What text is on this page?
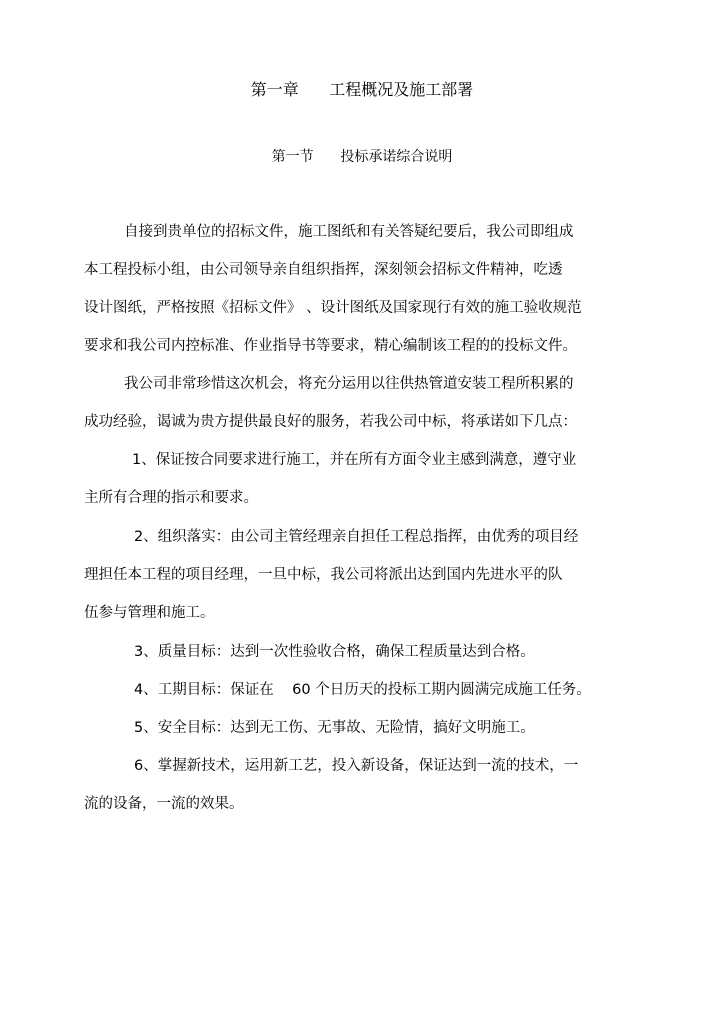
第一章      工程概况及施工部署
第一节      投标承诺综合说明
自接到贵单位的招标文件，施工图纸和有关答疑纪要后，我公司即组成
本工程投标小组，由公司领导亲自组织指挥，深刻领会招标文件精神，吃透
设计图纸，严格按照《招标文件》 、设计图纸及国家现行有效的施工验收规范
要求和我公司内控标准、作业指导书等要求，精心编制该工程的的投标文件。
我公司非常珍惜这次机会，将充分运用以往供热管道安装工程所积累的
成功经验，谒诚为贵方提供最良好的服务，若我公司中标，将承诺如下几点：
1、保证按合同要求进行施工，并在所有方面令业主感到满意，遵守业
主所有合理的指示和要求。
2、组织落实：由公司主管经理亲自担任工程总指挥，由优秀的项目经
理担任本工程的项目经理，一旦中标，我公司将派出达到国内先进水平的队
伍参与管理和施工。
3、质量目标：达到一次性验收合格，确保工程质量达到合格。
4、工期目标：保证在    60 个日历天的投标工期内圆满完成施工任务。
5、安全目标：达到无工伤、无事故、无险情，搞好文明施工。
6、掌握新技术，运用新工艺，投入新设备，保证达到一流的技术，一
流的设备，一流的效果。
